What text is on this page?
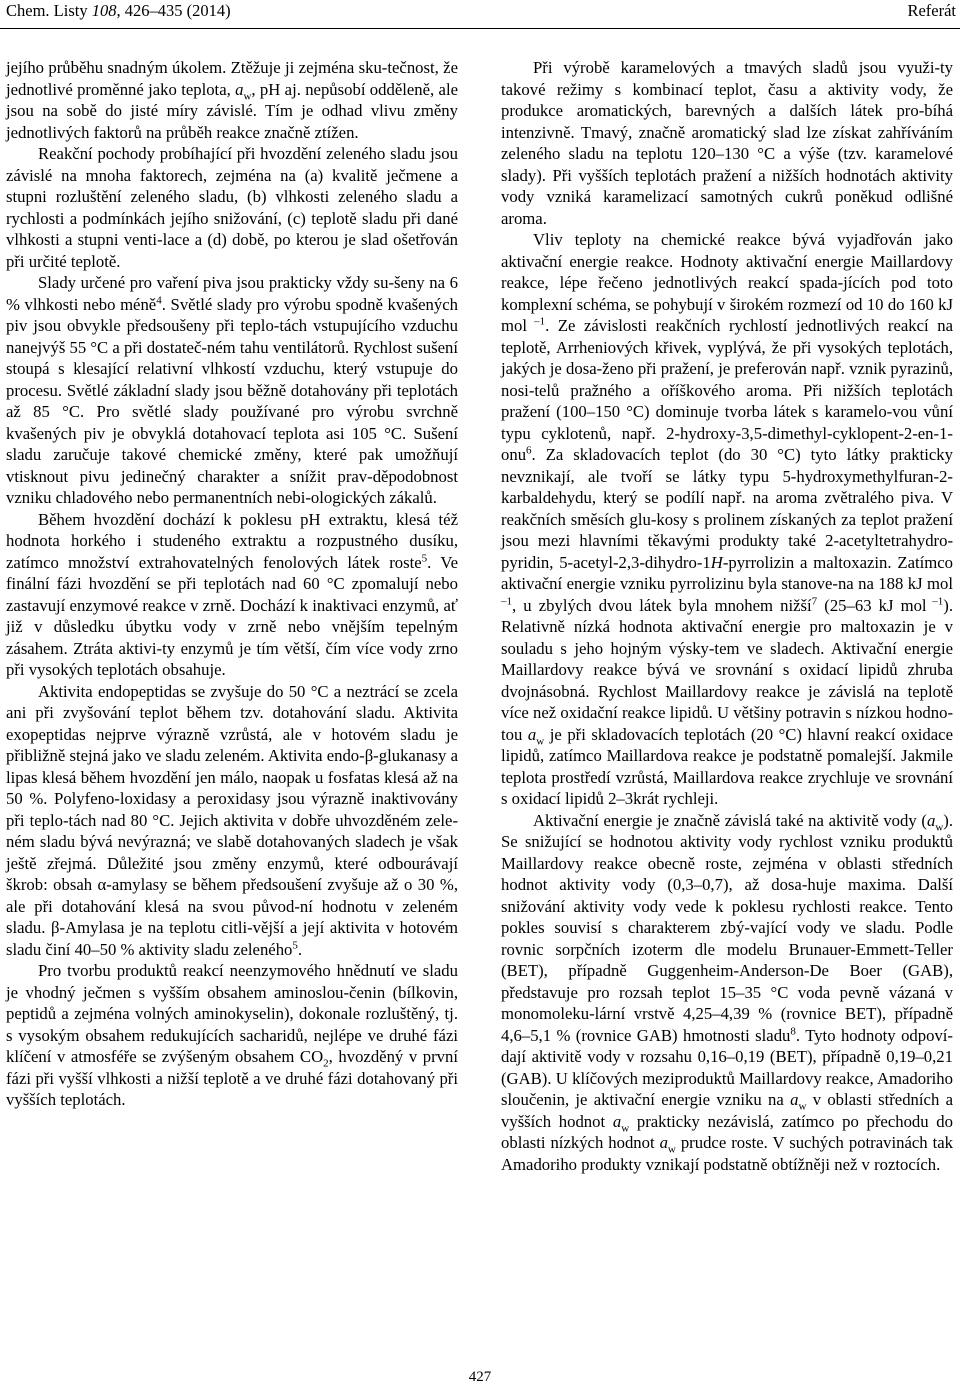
Chem. Listy 108, 426–435 (2014)	Referát

jejího průběhu snadným úkolem. Ztěžuje ji zejména sku-tečnost, že jednotlivé proměnné jako teplota, $a_w$, pH aj. nepůsobí odděleně, ale jsou na sobě do jisté míry závislé. Tím je odhad vlivu změny jednotlivých faktorů na průběh reakce značně ztížen.

Reakční pochody probíhající při hvozdění zeleného sladu jsou závislé na mnoha faktorech, zejména na (a) kvalitě ječmene a stupni rozluštění zeleného sladu, (b) vlhkosti zeleného sladu a rychlosti a podmínkách jejího snižování, (c) teplotě sladu při dané vlhkosti a stupni venti-lace a (d) době, po kterou je slad ošetřován při určité teplotě.

Slady určené pro vaření piva jsou prakticky vždy su-šeny na 6 % vlhkosti nebo méně$^4$. Světlé slady pro výrobu spodně kvašených piv jsou obvykle předsoušeny při teplo-tách vstupujícího vzduchu nanejvýš 55 °C a při dostateč-ném tahu ventilátorů. Rychlost sušení stoupá s klesající relativní vlhkostí vzduchu, který vstupuje do procesu. Světlé základní slady jsou běžně dotahovány při teplotách až 85 °C. Pro světlé slady používané pro výrobu svrchně kvašených piv je obvyklá dotahovací teplota asi 105 °C. Sušení sladu zaručuje takové chemické změny, které pak umožňují vtisknout pivu jedinečný charakter a snížit prav-děpodobnost vzniku chladového nebo permanentních nebi-ologických zákalů.

Během hvozdění dochází k poklesu pH extraktu, klesá též hodnota horkého i studeného extraktu a rozpustného dusíku, zatímco množství extrahovatelných fenolových látek roste$^5$. Ve finální fázi hvozdění se při teplotách nad 60 °C zpomalují nebo zastavují enzymové reakce v zrně. Dochází k inaktivaci enzymů, ať již v důsledku úbytku vody v zrně nebo vnějším tepelným zásahem. Ztráta aktivi-ty enzymů je tím větší, čím více vody zrno při vysokých teplotách obsahuje.

Aktivita endopeptidas se zvyšuje do 50 °C a neztrácí se zcela ani při zvyšování teplot během tzv. dotahování sladu. Aktivita exopeptidas nejprve výrazně vzrůstá, ale v hotovém sladu je přibližně stejná jako ve sladu zeleném. Aktivita endo-β-glukanasy a lipas klesá během hvozdění jen málo, naopak u fosfatas klesá až na 50 %. Polyfeno-loxidasy a peroxidasy jsou výrazně inaktivovány při teplo-tách nad 80 °C. Jejich aktivita v dobře uhvozděném zele-ném sladu bývá nevýrazná; ve slabě dotahovaných sladech je však ještě zřejmá. Důležité jsou změny enzymů, které odbourávají škrob: obsah α-amylasy se během předsoušení zvyšuje až o 30 %, ale při dotahování klesá na svou původ-ní hodnotu v zeleném sladu. β-Amylasa je na teplotu citli-vější a její aktivita v hotovém sladu činí 40–50 % aktivity sladu zeleného$^5$.

Pro tvorbu produktů reakcí neenzymového hnědnutí ve sladu je vhodný ječmen s vyšším obsahem aminoslou-čenin (bílkovin, peptidů a zejména volných aminokyselin), dokonale rozluštěný, tj. s vysokým obsahem redukujících sacharidů, nejlépe ve druhé fázi klíčení v atmosféře se zvýšeným obsahem $CO_2$, hvozděný v první fázi při vyšší vlhkosti a nižší teplotě a ve druhé fázi dotahovaný při vyšších teplotách.

Při výrobě karamelových a tmavých sladů jsou využi-ty takové režimy s kombinací teplot, času a aktivity vody, že produkce aromatických, barevných a dalších látek pro-bíhá intenzivně. Tmavý, značně aromatický slad lze získat zahříváním zeleného sladu na teplotu 120–130 °C a výše (tzv. karamelové slady). Při vyšších teplotách pražení a nižších hodnotách aktivity vody vzniká karamelizací samotných cukrů poněkud odlišné aroma.

Vliv teploty na chemické reakce bývá vyjadřován jako aktivační energie reakce. Hodnoty aktivační energie Maillardovy reakce, lépe řečeno jednotlivých reakcí spada-jících pod toto komplexní schéma, se pohybují v širokém rozmezí od 10 do 160 kJ mol $^{-1}$. Ze závislosti reakčních rychlostí jednotlivých reakcí na teplotě, Arrheniových křivek, vyplývá, že při vysokých teplotách, jakých je dosa-ženo při pražení, je preferován např. vznik pyrazinů, nosi-telů pražného a oříškového aroma. Při nižších teplotách pražení (100–150 °C) dominuje tvorba látek s karamelo-vou vůní typu cyklotenů, např. 2-hydroxy-3,5-dimethyl-cyklopent-2-en-1-onu$^6$. Za skladovacích teplot (do 30 °C) tyto látky prakticky nevznikají, ale tvoří se látky typu 5-hydroxymethylfuran-2-karbaldehydu, který se podílí např. na aroma zvětralého piva. V reakčních směsích glu-kosy s prolinem získaných za teplot pražení jsou mezi hlavními těkavými produkty také 2-acetyltetrahydro-pyridin, 5-acetyl-2,3-dihydro-1H-pyrrolizin a maltoxazin. Zatímco aktivační energie vzniku pyrrolizinu byla stanove-na na 188 kJ mol $^{-1}$, u zbylých dvou látek byla mnohem nižší$^7$ (25–63 kJ mol $^{-1}$). Relativně nízká hodnota aktivační energie pro maltoxazin je v souladu s jeho hojným výsky-tem ve sladech. Aktivační energie Maillardovy reakce bývá ve srovnání s oxidací lipidů zhruba dvojnásobná. Rychlost Maillardovy reakce je závislá na teplotě více než oxidační reakce lipidů. U většiny potravin s nízkou hodno-tou $a_w$ je při skladovacích teplotách (20 °C) hlavní reakcí oxidace lipidů, zatímco Maillardova reakce je podstatně pomalejší. Jakmile teplota prostředí vzrůstá, Maillardova reakce zrychluje ve srovnání s oxidací lipidů 2–3krát rychleji.

Aktivační energie je značně závislá také na aktivitě vody $(a_w)$. Se snižující se hodnotou aktivity vody rychlost vzniku produktů Maillardovy reakce obecně roste, zejména v oblasti středních hodnot aktivity vody (0,3–0,7), až dosa-huje maxima. Další snižování aktivity vody vede k poklesu rychlosti reakce. Tento pokles souvisí s charakterem zbý-vající vody ve sladu. Podle rovnic sorpčních izoterm dle modelu Brunauer-Emmett-Teller (BET), případně Guggenheim-Anderson-De Boer (GAB), představuje pro rozsah teplot 15–35 °C voda pevně vázaná v monomoleku-lární vrstvě 4,25–4,39 % (rovnice BET), případně 4,6–5,1 % (rovnice GAB) hmotnosti sladu$^8$. Tyto hodnoty odpoví-dají aktivitě vody v rozsahu 0,16–0,19 (BET), případně 0,19–0,21 (GAB). U klíčových meziproduktů Maillardovy reakce, Amadoriho sloučenin, je aktivační energie vzniku na $a_w$ v oblasti středních a vyšších hodnot $a_w$ prakticky nezávislá, zatímco po přechodu do oblasti nízkých hodnot $a_w$ prudce roste. V suchých potravinách tak Amadoriho produkty vznikají podstatně obtížněji než v roztocích.

427
